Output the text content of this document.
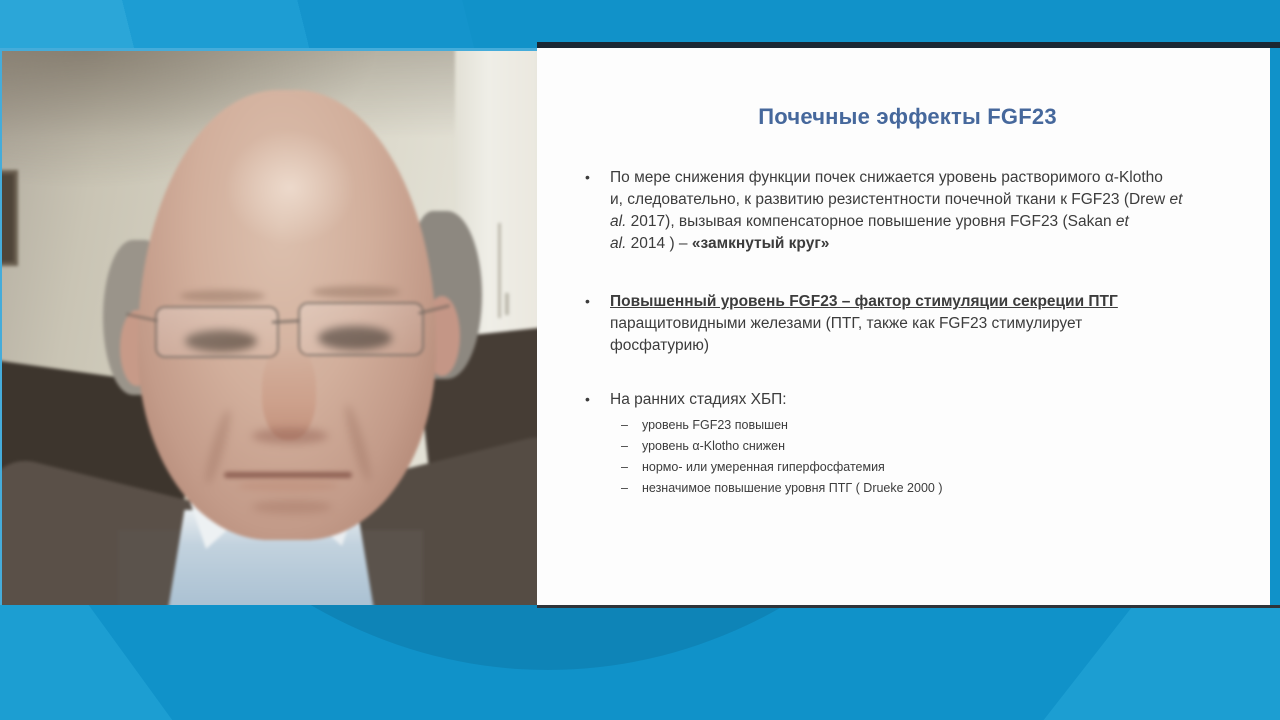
Почечные эффекты FGF23
• По мере снижения функции почек снижается уровень растворимого α-Klotho
и, следовательно, к развитию резистентности почечной ткани к FGF23 (Drew et
al. 2017), вызывая компенсаторное повышение уровня FGF23 (Sakan et
al. 2014 ) – «замкнутый круг»

• Повышенный уровень FGF23 – фактор стимуляции секреции ПТГ
паращитовидными железами (ПТГ, также как FGF23 стимулирует
фосфатурию)

• На ранних стадиях ХБП:

– уровень FGF23 повышен
– уровень α-Klotho снижен
– нормо- или умеренная гиперфосфатемия
– незначимое повышение уровня ПТГ ( Drueke 2000 )
